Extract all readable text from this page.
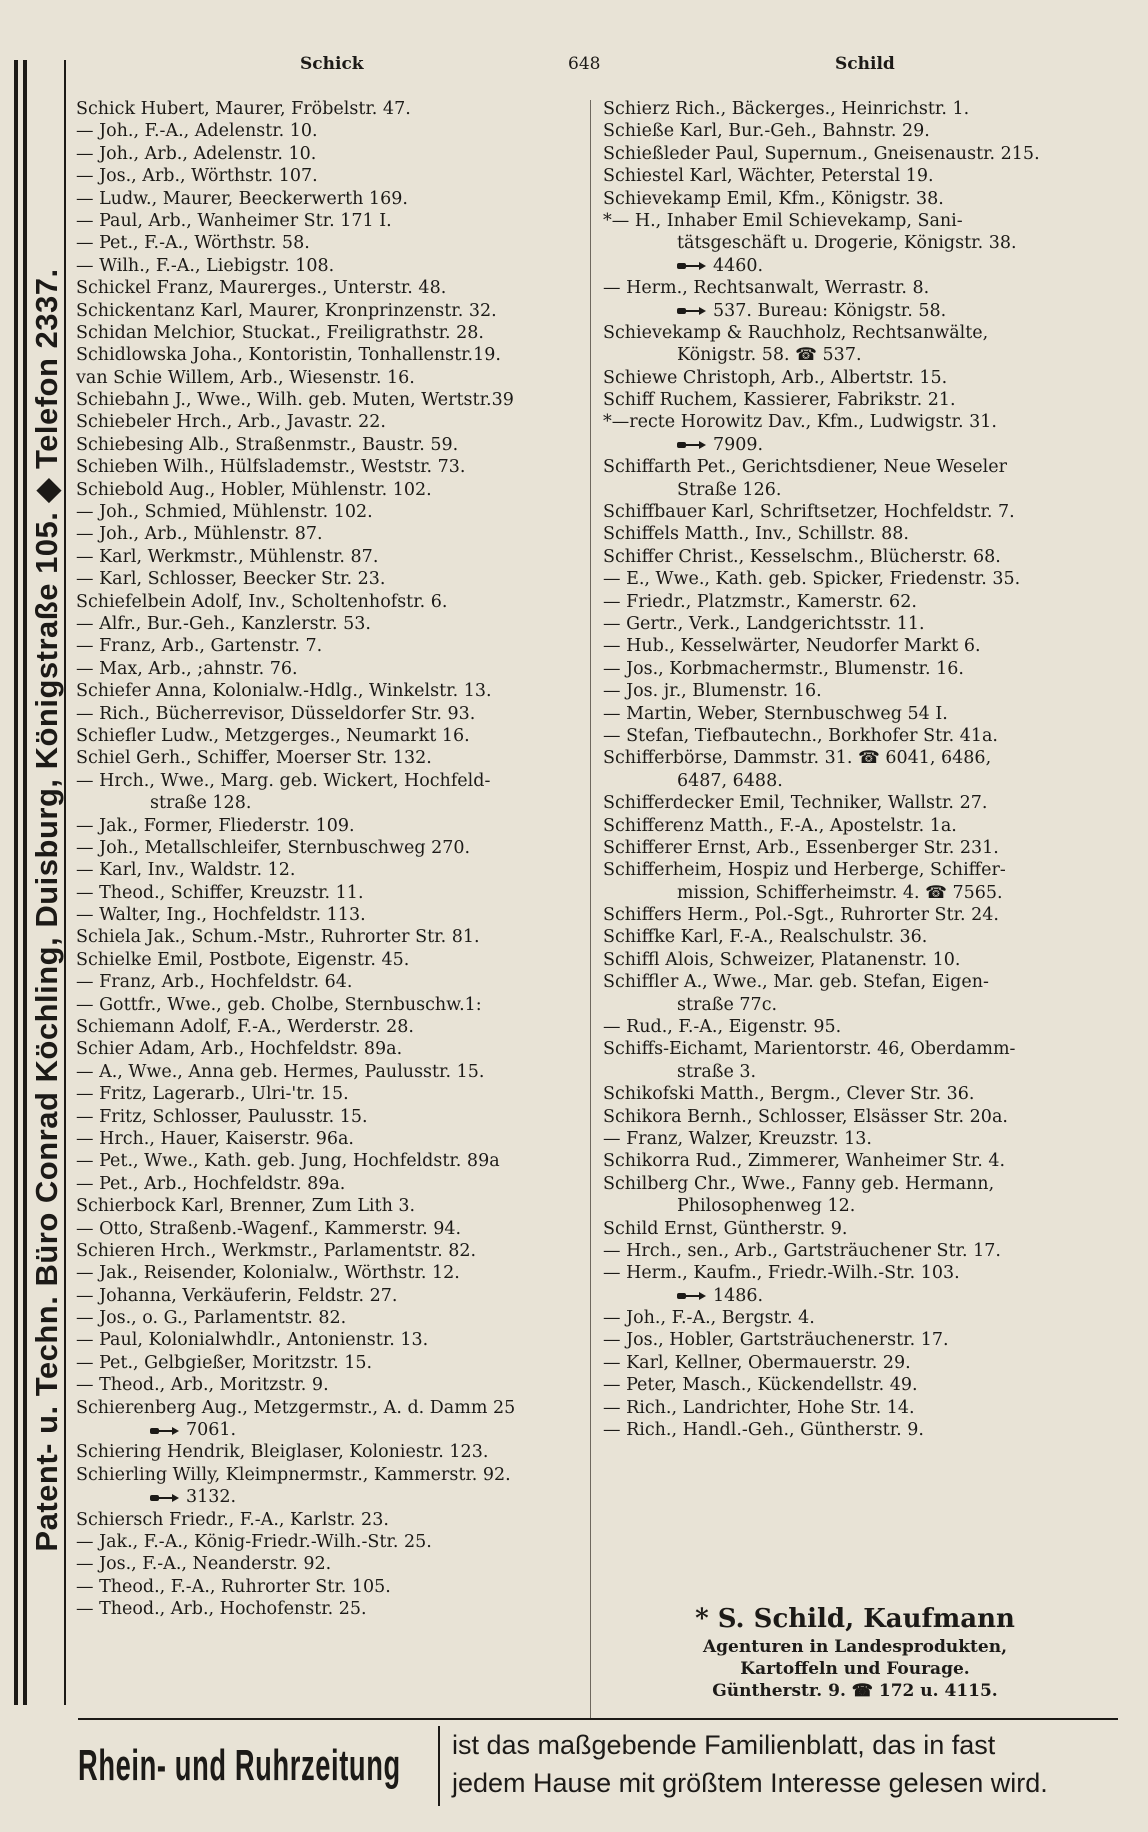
Patent- u. Techn. Büro Conrad Köchling, Duisburg, Königstraße 105. ◆ Telefon 2337.
Schick	648	Schild
Schick Hubert, Maurer, Fröbelstr. 47.
— Joh., F.-A., Adelenstr. 10.
— Joh., Arb., Adelenstr. 10.
— Jos., Arb., Wörthstr. 107.
— Ludw., Maurer, Beeckerwerth 169.
— Paul, Arb., Wanheimer Str. 171 I.
— Pet., F.-A., Wörthstr. 58.
— Wilh., F.-A., Liebigstr. 108.
Schickel Franz, Maurerges., Unterstr. 48.
Schickentanz Karl, Maurer, Kronprinzenstr. 32.
Schidan Melchior, Stuckat., Freiligrathstr. 28.
Schidlowska Joha., Kontoristin, Tonhallenstr.19.
van Schie Willem, Arb., Wiesenstr. 16.
Schiebahn J., Wwe., Wilh. geb. Muten, Wertstr.39
Schiebeler Hrch., Arb., Javastr. 22.
Schiebesing Alb., Straßenmstr., Baustr. 59.
Schieben Wilh., Hülfslademstr., Weststr. 73.
Schiebold Aug., Hobler, Mühlenstr. 102.
— Joh., Schmied, Mühlenstr. 102.
— Joh., Arb., Mühlenstr. 87.
— Karl, Werkmstr., Mühlenstr. 87.
— Karl, Schlosser, Beecker Str. 23.
Schiefelbein Adolf, Inv., Scholtenhofstr. 6.
— Alfr., Bur.-Geh., Kanzlerstr. 53.
— Franz, Arb., Gartenstr. 7.
— Max, Arb., ;ahnstr. 76.
Schiefer Anna, Kolonialw.-Hdlg., Winkelstr. 13.
— Rich., Bücherrevisor, Düsseldorfer Str. 93.
Schiefler Ludw., Metzgerges., Neumarkt 16.
Schiel Gerh., Schiffer, Moerser Str. 132.
— Hrch., Wwe., Marg. geb. Wickert, Hochfeld-
straße 128.
— Jak., Former, Fliederstr. 109.
— Joh., Metallschleifer, Sternbuschweg 270.
— Karl, Inv., Waldstr. 12.
— Theod., Schiffer, Kreuzstr. 11.
— Walter, Ing., Hochfeldstr. 113.
Schiela Jak., Schum.-Mstr., Ruhrorter Str. 81.
Schielke Emil, Postbote, Eigenstr. 45.
— Franz, Arb., Hochfeldstr. 64.
— Gottfr., Wwe., geb. Cholbe, Sternbuschw.1:
Schiemann Adolf, F.-A., Werderstr. 28.
Schier Adam, Arb., Hochfeldstr. 89a.
— A., Wwe., Anna geb. Hermes, Paulusstr. 15.
— Fritz, Lagerarb., Ulri-'tr. 15.
— Fritz, Schlosser, Paulusstr. 15.
— Hrch., Hauer, Kaiserstr. 96a.
— Pet., Wwe., Kath. geb. Jung, Hochfeldstr. 89a
— Pet., Arb., Hochfeldstr. 89a.
Schierbock Karl, Brenner, Zum Lith 3.
— Otto, Straßenb.-Wagenf., Kammerstr. 94.
Schieren Hrch., Werkmstr., Parlamentstr. 82.
— Jak., Reisender, Kolonialw., Wörthstr. 12.
— Johanna, Verkäuferin, Feldstr. 27.
— Jos., o. G., Parlamentstr. 82.
— Paul, Kolonialwhdlr., Antonienstr. 13.
— Pet., Gelbgießer, Moritzstr. 15.
— Theod., Arb., Moritzstr. 9.
Schierenberg Aug., Metzgermstr., A. d. Damm 25
7061.
Schiering Hendrik, Bleiglaser, Koloniestr. 123.
Schierling Willy, Kleimpnermstr., Kammerstr. 92.
3132.
Schiersch Friedr., F.-A., Karlstr. 23.
— Jak., F.-A., König-Friedr.-Wilh.-Str. 25.
— Jos., F.-A., Neanderstr. 92.
— Theod., F.-A., Ruhrorter Str. 105.
— Theod., Arb., Hochofenstr. 25.
Schierz Rich., Bäckerges., Heinrichstr. 1.
Schieße Karl, Bur.-Geh., Bahnstr. 29.
Schießleder Paul, Supernum., Gneisenaustr. 215.
Schiestel Karl, Wächter, Peterstal 19.
Schievekamp Emil, Kfm., Königstr. 38.
*— H., Inhaber Emil Schievekamp, Sani-
tätsgeschäft u. Drogerie, Königstr. 38.
4460.
— Herm., Rechtsanwalt, Werrastr. 8.
537. Bureau: Königstr. 58.
Schievekamp & Rauchholz, Rechtsanwälte,
Königstr. 58. ☎ 537.
Schiewe Christoph, Arb., Albertstr. 15.
Schiff Ruchem, Kassierer, Fabrikstr. 21.
*—recte Horowitz Dav., Kfm., Ludwigstr. 31.
7909.
Schiffarth Pet., Gerichtsdiener, Neue Weseler
Straße 126.
Schiffbauer Karl, Schriftsetzer, Hochfeldstr. 7.
Schiffels Matth., Inv., Schillstr. 88.
Schiffer Christ., Kesselschm., Blücherstr. 68.
— E., Wwe., Kath. geb. Spicker, Friedenstr. 35.
— Friedr., Platzmstr., Kamerstr. 62.
— Gertr., Verk., Landgerichtsstr. 11.
— Hub., Kesselwärter, Neudorfer Markt 6.
— Jos., Korbmachermstr., Blumenstr. 16.
— Jos. jr., Blumenstr. 16.
— Martin, Weber, Sternbuschweg 54 I.
— Stefan, Tiefbautechn., Borkhofer Str. 41a.
Schifferbörse, Dammstr. 31. ☎ 6041, 6486,
6487, 6488.
Schifferdecker Emil, Techniker, Wallstr. 27.
Schifferenz Matth., F.-A., Apostelstr. 1a.
Schifferer Ernst, Arb., Essenberger Str. 231.
Schifferheim, Hospiz und Herberge, Schiffer-
mission, Schifferheimstr. 4. ☎ 7565.
Schiffers Herm., Pol.-Sgt., Ruhrorter Str. 24.
Schiffke Karl, F.-A., Realschulstr. 36.
Schiffl Alois, Schweizer, Platanenstr. 10.
Schiffler A., Wwe., Mar. geb. Stefan, Eigen-
straße 77c.
— Rud., F.-A., Eigenstr. 95.
Schiffs-Eichamt, Marientorstr. 46, Oberdamm-
straße 3.
Schikofski Matth., Bergm., Clever Str. 36.
Schikora Bernh., Schlosser, Elsässer Str. 20a.
— Franz, Walzer, Kreuzstr. 13.
Schikorra Rud., Zimmerer, Wanheimer Str. 4.
Schilberg Chr., Wwe., Fanny geb. Hermann,
Philosophenweg 12.
Schild Ernst, Güntherstr. 9.
— Hrch., sen., Arb., Gartsträuchener Str. 17.
— Herm., Kaufm., Friedr.-Wilh.-Str. 103.
1486.
— Joh., F.-A., Bergstr. 4.
— Jos., Hobler, Gartsträuchenerstr. 17.
— Karl, Kellner, Obermauerstr. 29.
— Peter, Masch., Kückendellstr. 49.
— Rich., Landrichter, Hohe Str. 14.
— Rich., Handl.-Geh., Güntherstr. 9.
* S. Schild, Kaufmann
Agenturen in Landesprodukten,
Kartoffeln und Fourage.
Güntherstr. 9. ☎ 172 u. 4115.
Rhein- und Ruhrzeitung ist das maßgebende Familienblatt, das in fast
jedem Hause mit größtem Interesse gelesen wird.
